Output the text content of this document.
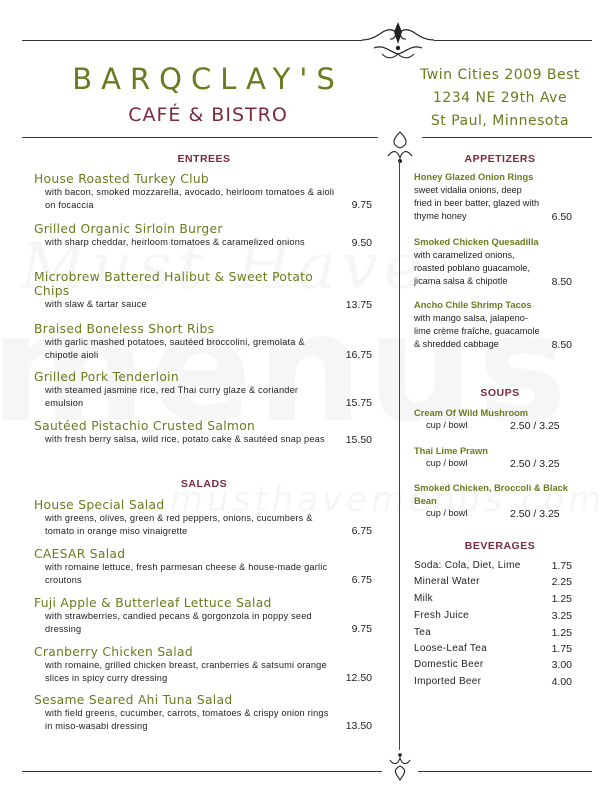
BARQCLAY'S
CAFÉ & BISTRO
Twin Cities 2009 Best
1234 NE 29th Ave
St Paul, Minnesota
ENTREES
House Roasted Turkey Club
with bacon, smoked mozzarella, avocado, heirloom tomatoes & aioli on focaccia	9.75
Grilled Organic Sirloin Burger
with sharp cheddar, heirloom tomatoes & caramelized onions	9.50
Microbrew Battered Halibut & Sweet Potato Chips
with slaw & tartar sauce	13.75
Braised Boneless Short Ribs
with garlic mashed potatoes, sautéed broccolini, gremolata & chipotle aioli	16.75
Grilled Pork Tenderloin
with steamed jasmine rice, red Thai curry glaze & coriander emulsion	15.75
Sautéed Pistachio Crusted Salmon
with fresh berry salsa, wild rice, potato cake & sautéed snap peas	15.50
SALADS
House Special Salad
with greens, olives, green & red peppers, onions, cucumbers & tomato in orange miso vinaigrette	6.75
CAESAR Salad
with romaine lettuce, fresh parmesan cheese & house-made garlic croutons	6.75
Fuji Apple & Butterleaf Lettuce Salad
with strawberries, candied pecans & gorgonzola in poppy seed dressing	9.75
Cranberry Chicken Salad
with romaine, grilled chicken breast, cranberries & satsumi orange slices in spicy curry dressing	12.50
Sesame Seared Ahi Tuna Salad
with field greens, cucumber, carrots, tomatoes & crispy onion rings in miso-wasabi dressing	13.50
APPETIZERS
Honey Glazed Onion Rings
sweet vidalia onions, deep fried in beer batter, glazed with thyme honey	6.50
Smoked Chicken Quesadilla
with caramelized onions, roasted poblano guacamole, jicama salsa & chipotle	8.50
Ancho Chile Shrimp Tacos
with mango salsa, jalapeno-lime crème fraîche, guacamole & shredded cabbage	8.50
SOUPS
Cream Of Wild Mushroom
cup / bowl	2.50 / 3.25
Thai Lime Prawn
cup / bowl	2.50 / 3.25
Smoked Chicken, Broccoli & Black Bean
cup / bowl	2.50 / 3.25
BEVERAGES
Soda: Cola, Diet, Lime	1.75
Mineral Water	2.25
Milk	1.25
Fresh Juice	3.25
Tea	1.25
Loose-Leaf Tea	1.75
Domestic Beer	3.00
Imported Beer	4.00
